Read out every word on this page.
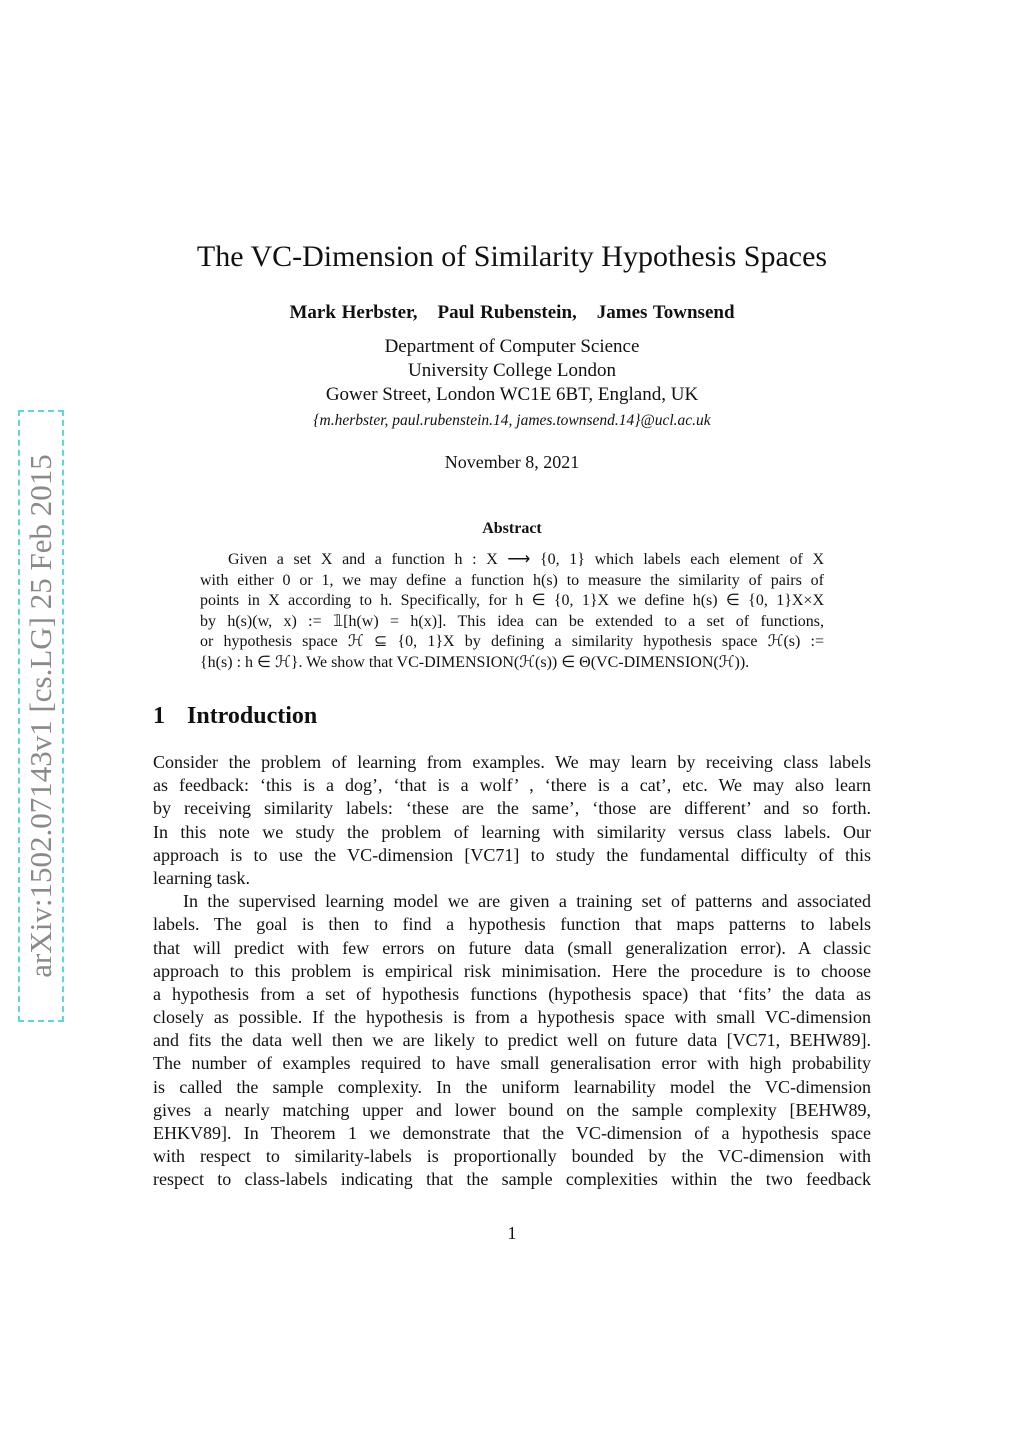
arXiv:1502.07143v1 [cs.LG] 25 Feb 2015
The VC-Dimension of Similarity Hypothesis Spaces
Mark Herbster, Paul Rubenstein, James Townsend
Department of Computer Science
University College London
Gower Street, London WC1E 6BT, England, UK
{m.herbster, paul.rubenstein.14, james.townsend.14}@ucl.ac.uk
November 8, 2021
Abstract
Given a set X and a function h : X ⟶ {0, 1} which labels each element of X
with either 0 or 1, we may define a function h(s) to measure the similarity of pairs of
points in X according to h. Specifically, for h ∈ {0, 1}X we define h(s) ∈ {0, 1}X×X
by h(s)(w, x) := 𝟙[h(w) = h(x)]. This idea can be extended to a set of functions,
or hypothesis space ℋ ⊆ {0, 1}X by defining a similarity hypothesis space ℋ(s) :=
{h(s) : h ∈ ℋ}. We show that VC-DIMENSION(ℋ(s)) ∈ Θ(VC-DIMENSION(ℋ)).
1 Introduction
Consider the problem of learning from examples. We may learn by receiving class labels
as feedback: ‘this is a dog’, ‘that is a wolf’ , ‘there is a cat’, etc. We may also learn
by receiving similarity labels: ‘these are the same’, ‘those are different’ and so forth.
In this note we study the problem of learning with similarity versus class labels. Our
approach is to use the VC-dimension [VC71] to study the fundamental difficulty of this
learning task.
In the supervised learning model we are given a training set of patterns and associated
labels. The goal is then to find a hypothesis function that maps patterns to labels
that will predict with few errors on future data (small generalization error). A classic
approach to this problem is empirical risk minimisation. Here the procedure is to choose
a hypothesis from a set of hypothesis functions (hypothesis space) that ‘fits’ the data as
closely as possible. If the hypothesis is from a hypothesis space with small VC-dimension
and fits the data well then we are likely to predict well on future data [VC71, BEHW89].
The number of examples required to have small generalisation error with high probability
is called the sample complexity. In the uniform learnability model the VC-dimension
gives a nearly matching upper and lower bound on the sample complexity [BEHW89,
EHKV89]. In Theorem 1 we demonstrate that the VC-dimension of a hypothesis space
with respect to similarity-labels is proportionally bounded by the VC-dimension with
respect to class-labels indicating that the sample complexities within the two feedback
1
